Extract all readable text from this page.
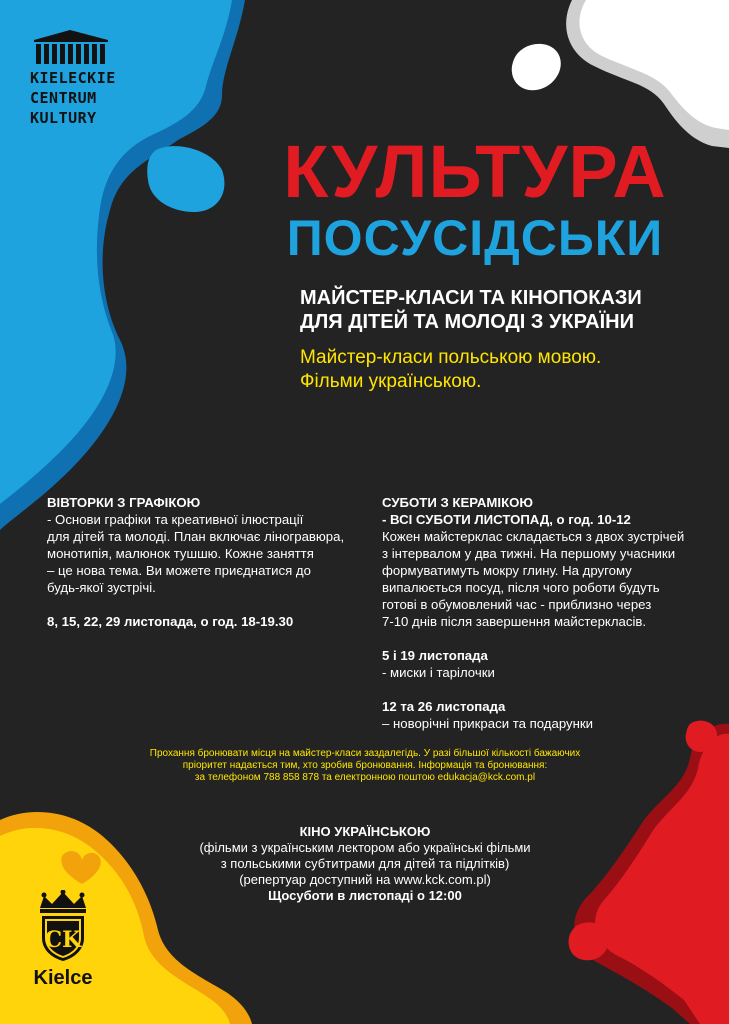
KIELECKIE
CENTRUM
KULTURY
КУЛЬТУРА
ПОСУСІДСЬКИ
МАЙСТЕР-КЛАСИ ТА КІНОПОКАЗИ
ДЛЯ ДІТЕЙ ТА МОЛОДІ З УКРАЇНИ
Майстер-класи польською мовою.
Фільми українською.
ВІВТОРКИ З ГРАФІКОЮ
- Основи графіки та креативної ілюстрації
для дітей та молоді. План включає ліногравюра,
монотипія, малюнок тушшю. Кожне заняття
– це нова тема. Ви можете приєднатися до
будь-якої зустрічі.
8, 15, 22, 29 листопада, о год. 18-19.30
СУБОТИ З КЕРАМІКОЮ
- ВСІ СУБОТИ ЛИСТОПАД, о год. 10-12
Кожен майстерклас складається з двох зустрічей
з інтервалом у два тижні. На першому учасники
формуватимуть мокру глину. На другому
випалюється посуд, після чого роботи будуть
готові в обумовлений час - приблизно через
7-10 днів після завершення майстеркласів.
5 і 19 листопада
- миски і тарілочки
12 та 26 листопада
– новорічні прикраси та подарунки
Прохання бронювати місця на майстер-класи заздалегідь. У разі більшої кількості бажаючих
пріоритет надається тим, хто зробив бронювання. Інформація та бронювання:
за телефоном 788 858 878 та електронною поштою edukacja@kck.com.pl
КІНО УКРАЇНСЬКОЮ
(фільми з українським лектором або українські фільми
з польськими субтитрами для дітей та підлітків)
(репертуар доступний на www.kck.com.pl)
Щосуботи в листопаді о 12:00
CK
Kielce
